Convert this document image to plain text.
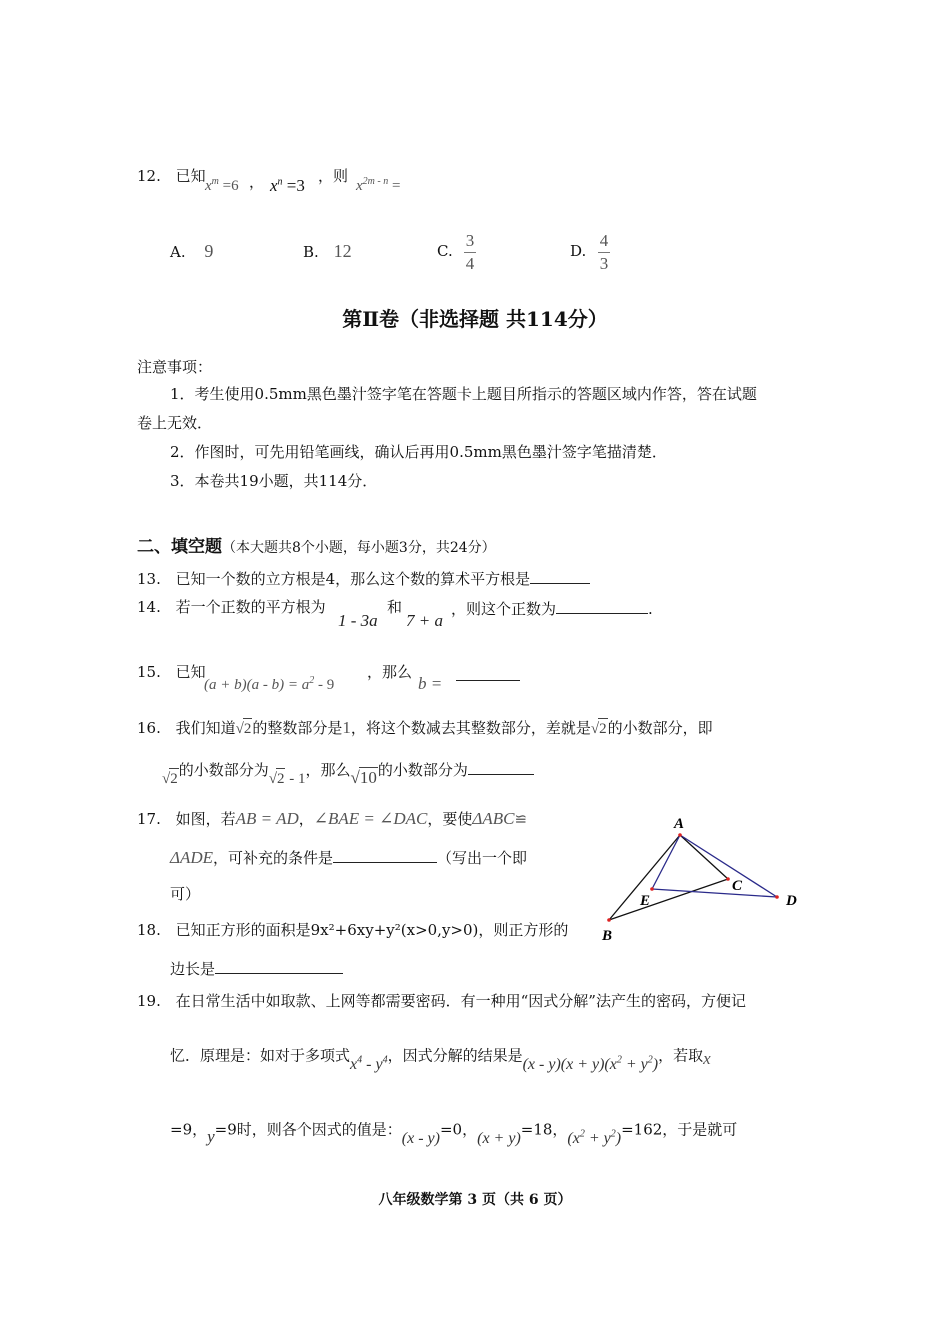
12. 已知
$x^m =6$ ， $x^n =3$ ，则
$x^{2m - n}$ =
A. 9	B. 12	C. $\frac{3}{4}$	D. $\frac{4}{3}$
第Ⅱ卷（非选择题 共114分）
注意事项：
1．考生使用0.5mm黑色墨汁签字笔在答题卡上题目所指示的答题区域内作答，答在试题
卷上无效．
2．作图时，可先用铅笔画线，确认后再用0.5mm黑色墨汁签字笔描清楚．
3．本卷共19小题，共114分．
二、填空题（本大题共8个小题，每小题3分，共24分）
13. 已知一个数的立方根是4，那么这个数的算术平方根是
14. 若一个正数的平方根为
1 - 3a
和
7 + a
，则这个正数为	.
15. 已知
$(a + b)(a - b) = a^2 - 9$
，那么
b =
16. 我们知道√2的整数部分是1，将这个数减去其整数部分，差就是√2的小数部分，即
√2的小数部分为√2 - 1，那么√10的小数部分为
17. 如图，若AB = AD，∠BAE = ∠DAC，要使ΔABC≌
ΔADE，可补充的条件是	（写出一个即
可）
A
B
C
D
E
18. 已知正方形的面积是9x²+6xy+y²(x>0,y>0)，则正方形的
边长是
19. 在日常生活中如取款、上网等都需要密码．有一种用“因式分解”法产生的密码，方便记
忆．原理是：如对于多项式$x^4 - y^4$，因式分解的结果是$(x - y)(x + y)(x^2 + y^2)$，若取x
=9，y=9时，则各个因式的值是：(x - y)=0，(x + y)=18，$(x^2 + y^2)=162$，于是就可
八年级数学第 3 页（共 6 页）
